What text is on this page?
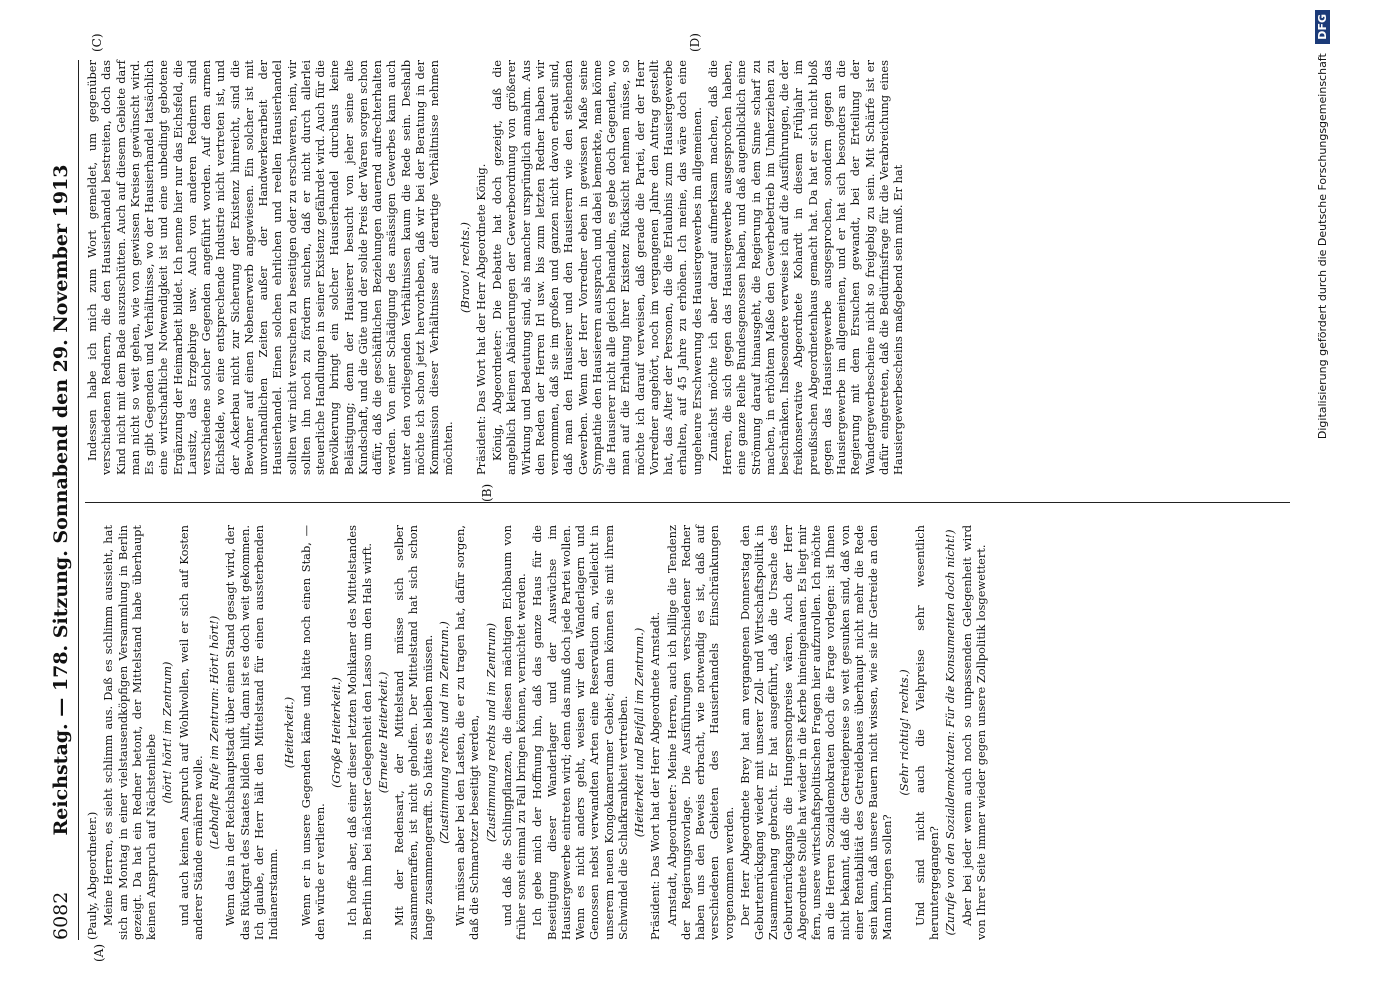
6082
Reichstag. — 178. Sitzung. Sonnabend den 29. November 1913
(A)
(B)
(C)	(D)

(Pauly, Abgeordneter.) Meine Herren, es sieht schlimm aus. Daß es schlimm aussieht, hat sich am Montag in einer vielstausendköpfigen Versammlung in Berlin gezeigt. Da hat ein Redner betont, der Mittelstand habe überhaupt keinen Anspruch auf Nächstenliebe

(hört! hört! im Zentrum) und auch keinen Anspruch auf Wohlwollen, weil er sich auf Kosten anderer Stände ernähren wolle. (Lebhafte Rufe im Zentrum: Hört! hört!) Wenn das in der Reichshauptstadt über einen Stand gesagt wird, der das Rückgrat des Staates bilden hilft, dann ist es doch weit gekommen. Ich glaube, der Herr hält den Mittelstand für einen aussterbenden Indianerstamm.

(Heiterkeit.) Wenn er in unsere Gegenden käme und hätte noch einen Stab, — den würde er verlieren.

(Große Heiterkeit.) Ich hoffe aber, daß einer dieser letzten Mohikaner des Mittelstandes in Berlin ihm bei nächster Gelegenheit den Lasso um den Hals wirft. (Erneute Heiterkeit.) Mit der Redensart, der Mittelstand müsse sich selber zusammenraffen, ist nicht geholfen. Der Mittelstand hat sich schon lange zusammengerafft. So hätte es bleiben müssen. (Zustimmung rechts und im Zentrum.) Wir müssen aber bei den Lasten, die er zu tragen hat, dafür sorgen, daß die Schmarotzer beseitigt werden, (Zustimmung rechts und im Zentrum) und daß die Schlingpflanzen, die diesen mächtigen Eichbaum von früher sonst einmal zu Fall bringen können, vernichtet werden. Ich gebe mich der Hoffnung hin, daß das ganze Haus für die Beseitigung dieser Wanderlager und der Auswüchse im Hausiergewerbe eintreten wird; denn das muß doch jede Partei wollen. Wenn es nicht anders geht, weisen wir den Wanderlagern und Genossen nebst verwandten Arten eine Reservation an, vielleicht in unserem neuen Kongokamerumer Gebiet; dann können sie mit ihrem Schwindel die Schlafkrankheit vertreiben. (Heiterkeit und Beifall im Zentrum.) Präsident: Das Wort hat der Herr Abgeordnete Arnstadt. Arnstadt, Abgeordneter: Meine Herren, auch ich billige die Tendenz der Regierungsvorlage. Die Ausführungen verschiedener Redner haben uns den Beweis erbracht, wie notwendig es ist, daß auf verschiedenen Gebieten des Hausierhandels Einschränkungen vorgenommen werden. Der Herr Abgeordnete Brey hat am vergangenen Donnerstag den Geburtenrückgang wieder mit unserer Zoll- und Wirtschaftspolitik in Zusammenhang gebracht. Er hat ausgeführt, daß die Ursache des Geburtenrückgangs die Hungersnotpreise wären. Auch der Herr Abgeordnete Stolle hat wieder in die Kerbe hineingehauen. Es liegt mir fern, unsere wirtschaftspolitischen Fragen hier aufzurollen. Ich möchte an die Herren Sozialdemokraten doch die Frage vorlegen: ist Ihnen nicht bekannt, daß die Getreidepreise so weit gesunken sind, daß von einer Rentabilität des Getreidebaues überhaupt nicht mehr die Rede sein kann, daß unsere Bauern nicht wissen, wie sie ihr Getreide an den Mann bringen sollen?

(Sehr richtig! rechts.) Und sind nicht auch die Viehpreise sehr wesentlich heruntergegangen? (Zurufe von den Sozialdemokraten: Für die Konsumenten doch nicht!) Aber bei jeder wenn auch noch so unpassenden Gelegenheit wird von Ihrer Seite immer wieder gegen unsere Zollpolitik losgewettert.

Indessen habe ich mich zum Wort gemeldet, um gegenüber verschiedenen Rednern, die den Hausierhandel bestreiten, doch das Kind nicht mit dem Bade auszuschütten. Auch auf diesem Gebiete darf man nicht so weit gehen, wie von gewissen Kreisen gewünscht wird. Es gibt Gegenden und Verhältnisse, wo der Hausierhandel tatsächlich eine wirtschaftliche Notwendigkeit ist und eine unbedingt gebotene Ergänzung der Heimarbeit bildet. Ich nenne hier nur das Eichsfeld, die Lausitz, das Erzgebirge usw. Auch von anderen Rednern sind verschiedene solcher Gegenden angeführt worden. Auf dem armen Eichsfelde, wo eine entsprechende Industrie nicht vertreten ist, und der Ackerbau nicht zur Sicherung der Existenz hinreicht, sind die Bewohner auf einen Nebenerwerb angewiesen. Ein solcher ist mit unvorhandlichen Zeiten außer der Handwerkerarbeit der Hausierhandel. Einen solchen ehrlichen und reellen Hausierhandel sollten wir nicht versuchen zu beseitigen oder zu erschweren, nein, wir sollten ihn noch zu fördern suchen, daß er nicht durch allerlei steuerliche Handlungen in seiner Existenz gefährdet wird. Auch für die Bevölkerung bringt ein solcher Hausierhandel durchaus keine Belästigung; denn der Hausierer besucht von jeher seine alte Kundschaft, und die Güte und der solide Preis der Waren sorgen schon dafür, daß die geschäftlichen Beziehungen dauernd aufrechterhalten werden. Von einer Schädigung des ansässigen Gewerbes kann auch unter den vorliegenden Verhältnissen kaum die Rede sein. Deshalb möchte ich schon jetzt hervorheben, daß wir bei der Beratung in der Kommission dieser Verhältnisse auf derartige Verhältnisse nehmen möchten.

(Bravo! rechts.) Präsident: Das Wort hat der Herr Abgeordnete König. König, Abgeordneter: Die Debatte hat doch gezeigt, daß die angeblich kleinen Abänderungen der Gewerbeordnung von größerer Wirkung und Bedeutung sind, als mancher ursprünglich annahm. Aus den Reden der Herren Irl usw. bis zum letzten Redner haben wir vernommen, daß sie im großen und ganzen nicht davon erbaut sind, daß man den Hausierer und den Hausierern wie den stehenden Gewerben. Wenn der Herr Vorredner eben in gewissen Maße seine Sympathie den Hausierern aussprach und dabei bemerkte, man könne die Hausierer nicht alle gleich behandeln, es gebe doch Gegenden, wo man auf die Erhaltung ihrer Existenz Rücksicht nehmen müsse, so möchte ich darauf verweisen, daß gerade die Partei, der der Herr Vorredner angehört, noch im vergangenen Jahre den Antrag gestellt hat, das Alter der Personen, die die Erlaubnis zum Hausiergewerbe erhalten, auf 45 Jahre zu erhöhen. Ich meine, das wäre doch eine ungeheure Erschwerung des Hausiergewerbes im allgemeinen. Zunächst möchte ich aber darauf aufmerksam machen, daß die Herren, die sich gegen das Hausiergewerbe ausgesprochen haben, eine ganze Reihe Bundesgenossen haben, und daß augenblicklich eine Strömung darauf hinausgeht, die Regierung in dem Sinne scharf zu machen, in erhöhtem Maße den Gewerbebetrieb im Umherziehen zu beschränken. Insbesondere verweise ich auf die Ausführungen, die der freikonservative Abgeordnete Kohardt in diesem Frühjahr im preußischen Abgeordnetenhaus gemacht hat. Da hat er sich nicht bloß gegen das Hausiergewerbe ausgesprochen, sondern gegen das Hausiergewerbe im allgemeinen, und er hat sich besonders an die Regierung mit dem Ersuchen gewandt, bei der Erteilung der Wandergewerbescheine nicht so freigebig zu sein. Mit Schärfe ist er dafür eingetreten, daß die Bedürfnisfrage für die Verabreichung eines Hausiergewerbescheins maßgebend sein muß. Er hat	Digitalisierung gefördert durch die Deutsche Forschungsgemeinschaft DFG
